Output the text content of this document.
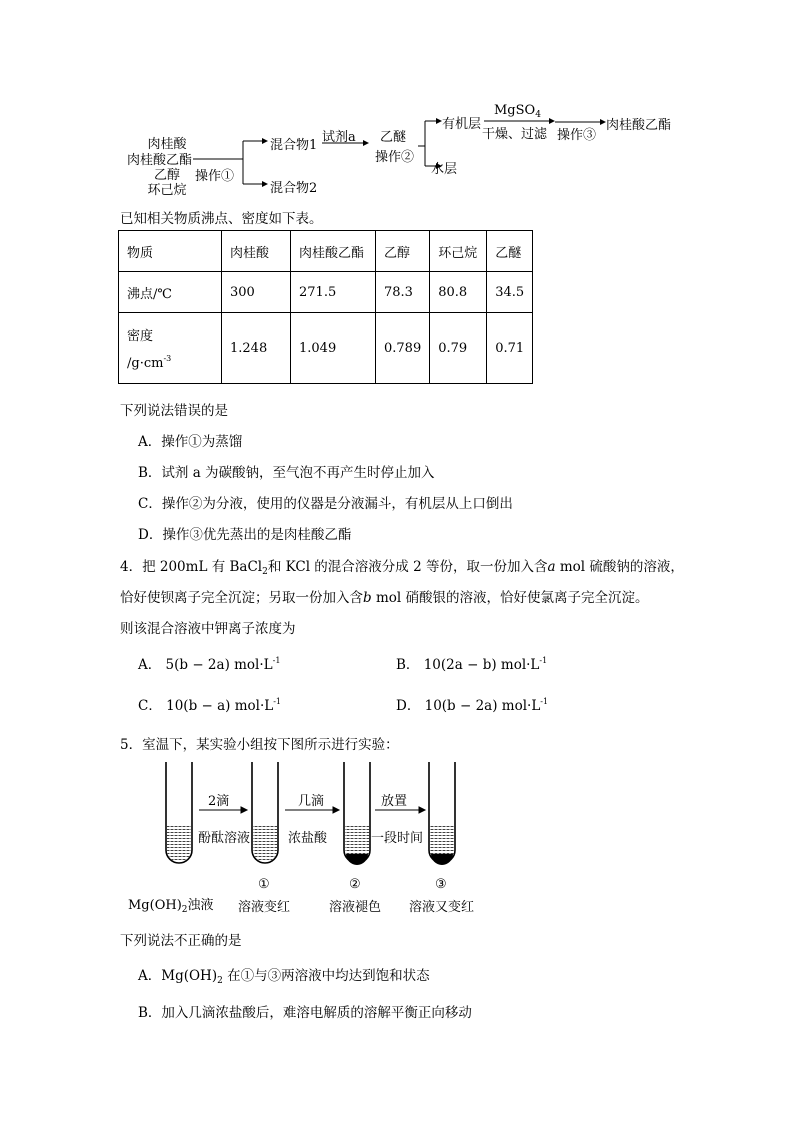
肉桂酸
肉桂酸乙酯
乙醇
环己烷
操作①
混合物1
混合物2
试剂a 乙醚
操作②
有机层
水层
MgSO$_4$
干燥、过滤 操作③
肉桂酸乙酯
已知相关物质沸点、密度如下表。
物质	肉桂酸	肉桂酸乙酯	乙醇	环己烷	乙醚
沸点/℃	300	271.5	78.3	80.8	34.5

密度
$/g\cdot cm^{-3}$	1.248	1.049	0.789	0.79	0.71
下列说法错误的是
A．操作①为蒸馏
B．试剂 a 为碳酸钠，至气泡不再产生时停止加入
C．操作②为分液，使用的仪器是分液漏斗，有机层从上口倒出
D．操作③优先蒸出的是肉桂酸乙酯
4．把 200mL 有 BaCl$_2$和 KCl 的混合溶液分成 2 等份，取一份加入含a mol 硫酸钠的溶液，
恰好使钡离子完全沉淀；另取一份加入含b mol 硝酸银的溶液，恰好使氯离子完全沉淀。
则该混合溶液中钾离子浓度为
A． 5(b − 2a) $mol\cdot L^{-1}$	B． 10(2a − b) $mol\cdot L^{-1}$
C． 10(b − a) $mol\cdot L^{-1}$	D． 10(b − 2a) $mol\cdot L^{-1}$
5．室温下，某实验小组按下图所示进行实验：
2滴
酚酞溶液
几滴
浓盐酸
放置
一段时间
$Mg(OH)_2$浊液
①
溶液变红
②
溶液褪色
③
溶液又变红
下列说法不正确的是
A．$Mg(OH)_2$ 在①与③两溶液中均达到饱和状态
B．加入几滴浓盐酸后，难溶电解质的溶解平衡正向移动
